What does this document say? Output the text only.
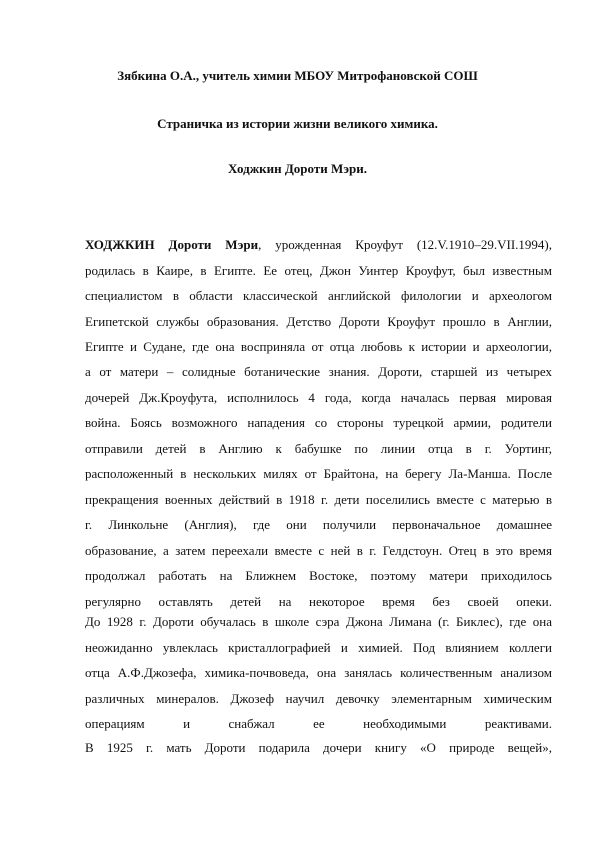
Зябкина О.А., учитель химии МБОУ Митрофановской СОШ
Страничка из истории жизни великого химика.
Ходжкин Дороти Мэри.
ХОДЖКИН Дороти Мэри, урожденная Кроуфут (12.V.1910–29.VII.1994),
родилась в Каире, в Египте. Ее отец, Джон Уинтер Кроуфут, был известным
специалистом в области классической английской филологии и археологом
Египетской службы образования. Детство Дороти Кроуфут прошло в Англии,
Египте и Судане, где она восприняла от отца любовь к истории и археологии,
а от матери – солидные ботанические знания. Дороти, старшей из четырех
дочерей Дж.Кроуфута, исполнилось 4 года, когда началась первая мировая
война. Боясь возможного нападения со стороны турецкой армии, родители
отправили детей в Англию к бабушке по линии отца в г. Уортинг,
расположенный в нескольких милях от Брайтона, на берегу Ла-Манша. После
прекращения военных действий в 1918 г. дети поселились вместе с матерью в
г. Линкольне (Англия), где они получили первоначальное домашнее
образование, а затем переехали вместе с ней в г. Гелдстоун. Отец в это время
продолжал работать на Ближнем Востоке, поэтому матери приходилось
регулярно оставлять детей на некоторое время без своей опеки.
До 1928 г. Дороти обучалась в школе сэра Джона Лимана (г. Биклес), где она
неожиданно увлеклась кристаллографией и химией. Под влиянием коллеги
отца А.Ф.Джозефа, химика-почвоведа, она занялась количественным анализом
различных минералов. Джозеф научил девочку элементарным химическим
операциям и снабжал ее необходимыми реактивами.
В 1925 г. мать Дороти подарила дочери книгу «О природе вещей»,
